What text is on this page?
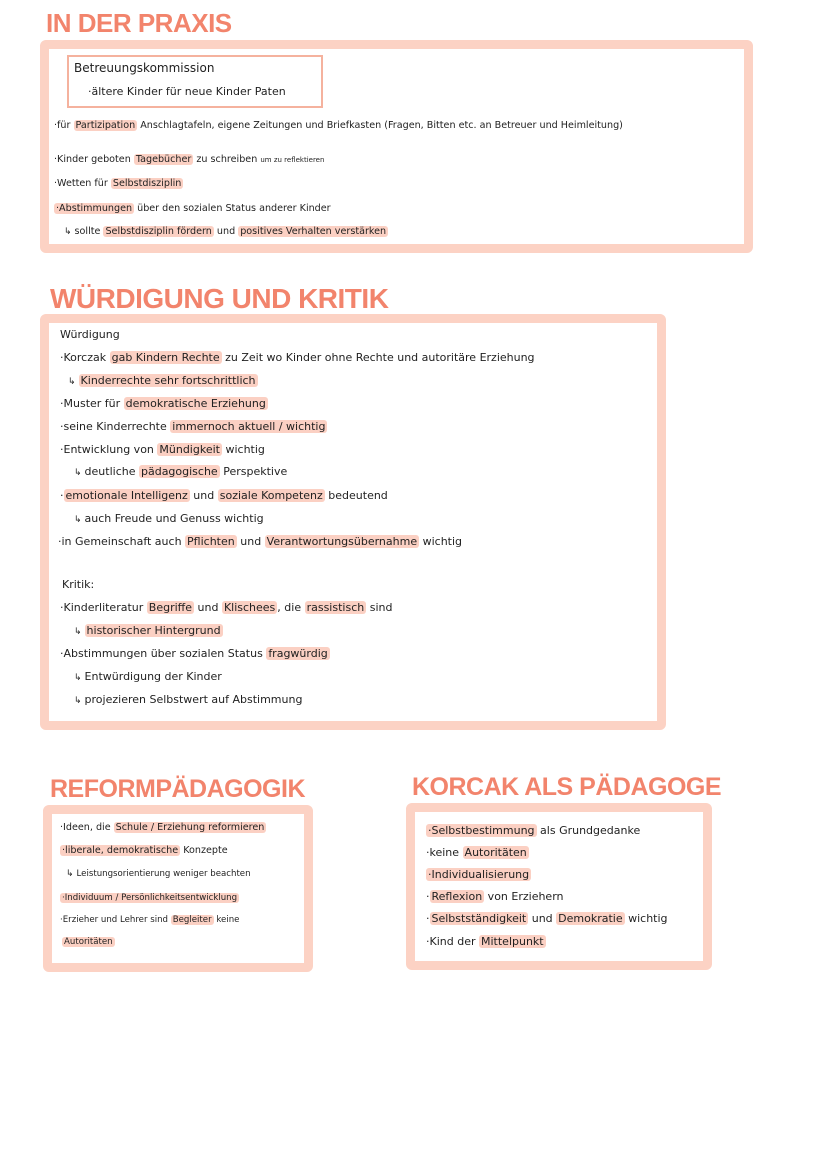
IN DER PRAXIS
Betreuungskommission
·ältere Kinder für neue Kinder Paten
·für Partizipation Anschlagtafeln, eigene Zeitungen und Briefkasten (Fragen, Bitten etc. an Betreuer und Heimleitung)
·Kinder geboten Tagebücher zu schreiben um zu reflektieren
·Wetten für Selbstdisziplin
·Abstimmungen über den sozialen Status anderer Kinder
↳ sollte Selbstdisziplin fördern und positives Verhalten verstärken
WÜRDIGUNG UND KRITIK
Würdigung
·Korczak gab Kindern Rechte zu Zeit wo Kinder ohne Rechte und autoritäre Erziehung
↳ Kinderrechte sehr fortschrittlich
·Muster für demokratische Erziehung
·seine Kinderrechte immernoch aktuell / wichtig
·Entwicklung von Mündigkeit wichtig
↳ deutliche pädagogische Perspektive
· emotionale Intelligenz und soziale Kompetenz bedeutend
↳ auch Freude und Genuss wichtig
·in Gemeinschaft auch Pflichten und Verantwortungsübernahme wichtig
Kritik:
·Kinderliteratur Begriffe und Klischees , die rassistisch sind
↳ historischer Hintergrund
·Abstimmungen über sozialen Status fragwürdig
↳ Entwürdigung der Kinder
↳ projezieren Selbstwert auf Abstimmung
REFORMPÄDAGOGIK
·Ideen, die Schule / Erziehung reformieren
·liberale, demokratische Konzepte
↳ Leistungsorientierung weniger beachten
·Individuum / Persönlichkeitsentwicklung
·Erzieher und Lehrer sind Begleiter keine
Autoritäten
KORCAK ALS PÄDAGOGE
·Selbstbestimmung als Grundgedanke
·keine Autoritäten
·Individualisierung
· Reflexion von Erziehern
· Selbstständigkeit und Demokratie wichtig
·Kind der Mittelpunkt
